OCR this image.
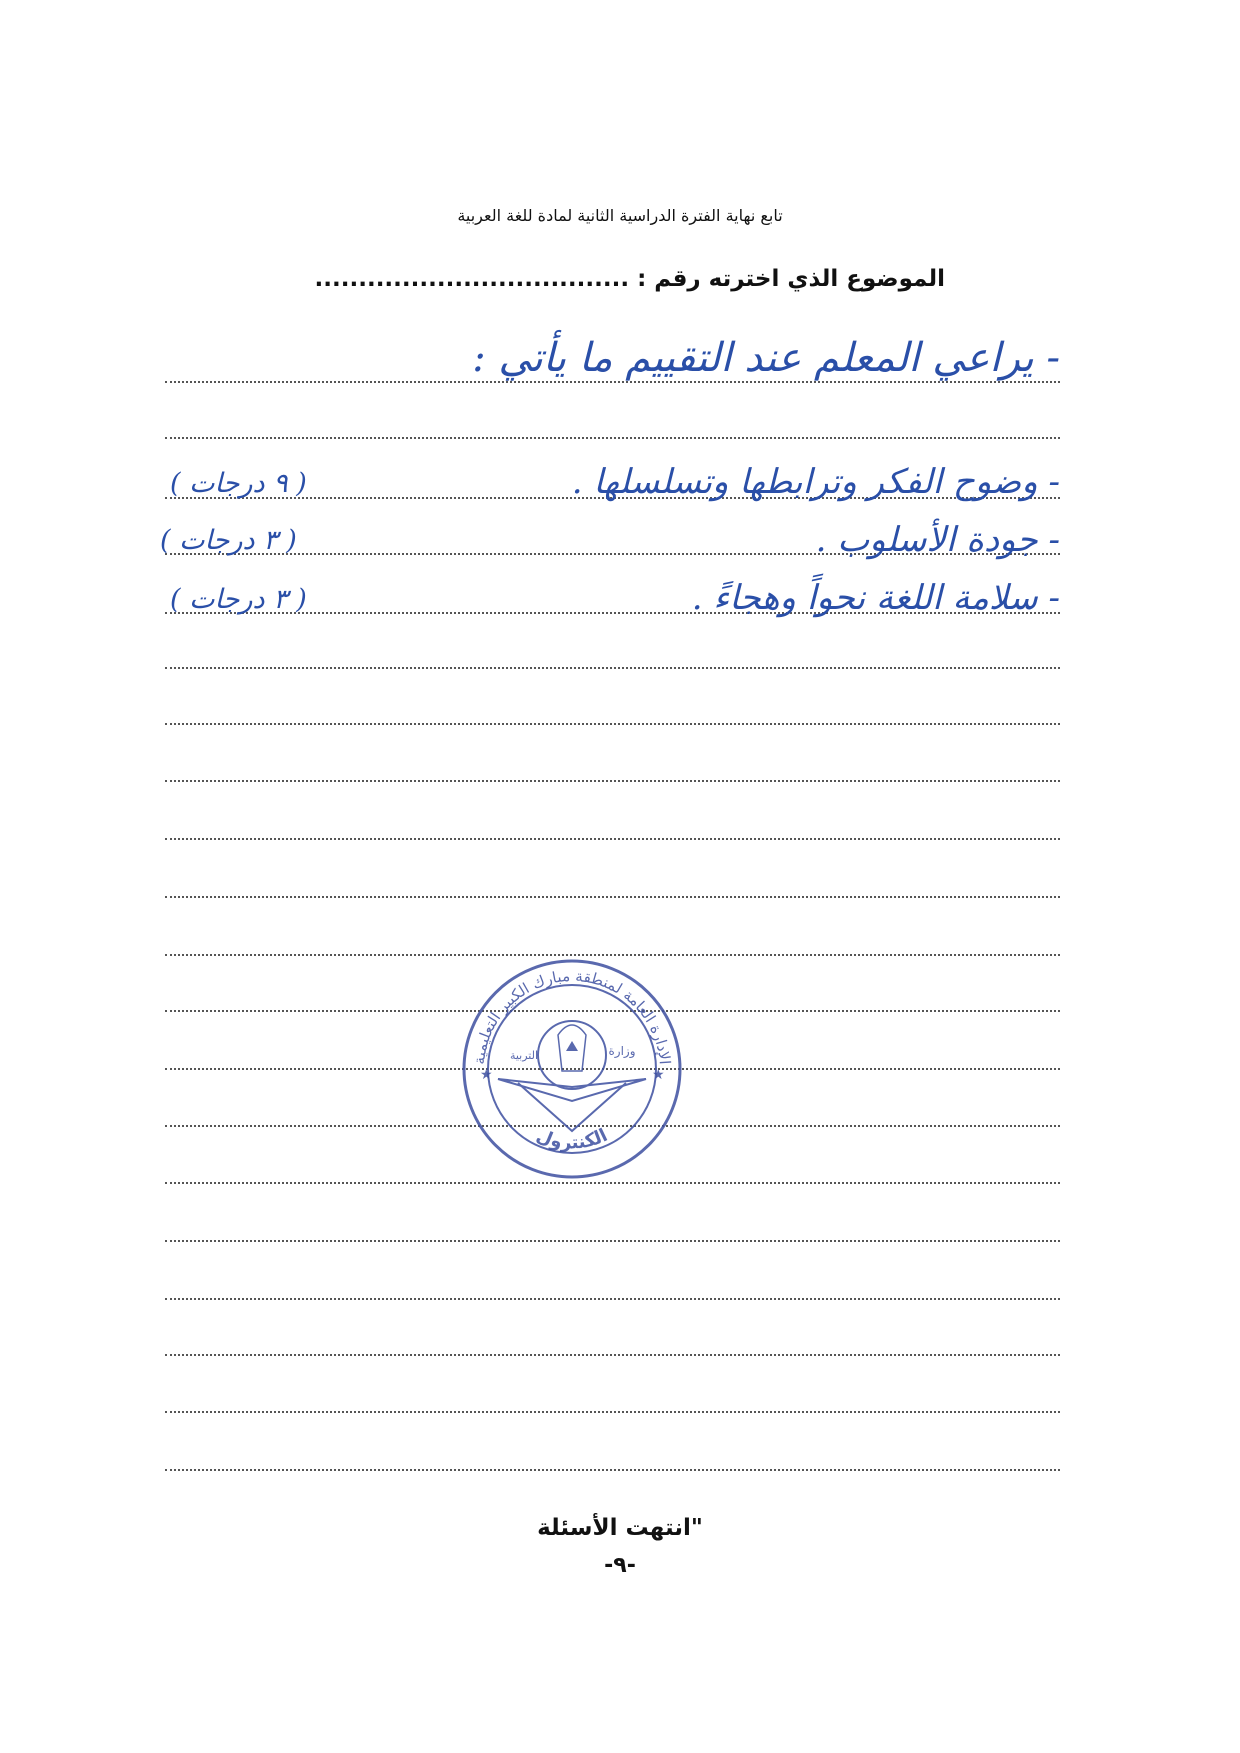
تابع نهاية الفترة الدراسية الثانية لمادة للغة العربية
الموضوع الذي اخترته رقم : ....................................
- يراعي المعلم عند التقييم ما يأتي :
- وضوح الفكر وترابطها وتسلسلها .
( ٩ درجات )
- جودة الأسلوب .
( ٣ درجات )
- سلامة اللغة نحواً وهجاءً .
( ٣ درجات )
الإدارة العامة لمنطقة مبارك الكبير التعليمية
الكنترول
التربية	وزارة
★	★
"انتهت الأسئلة
-٩-
